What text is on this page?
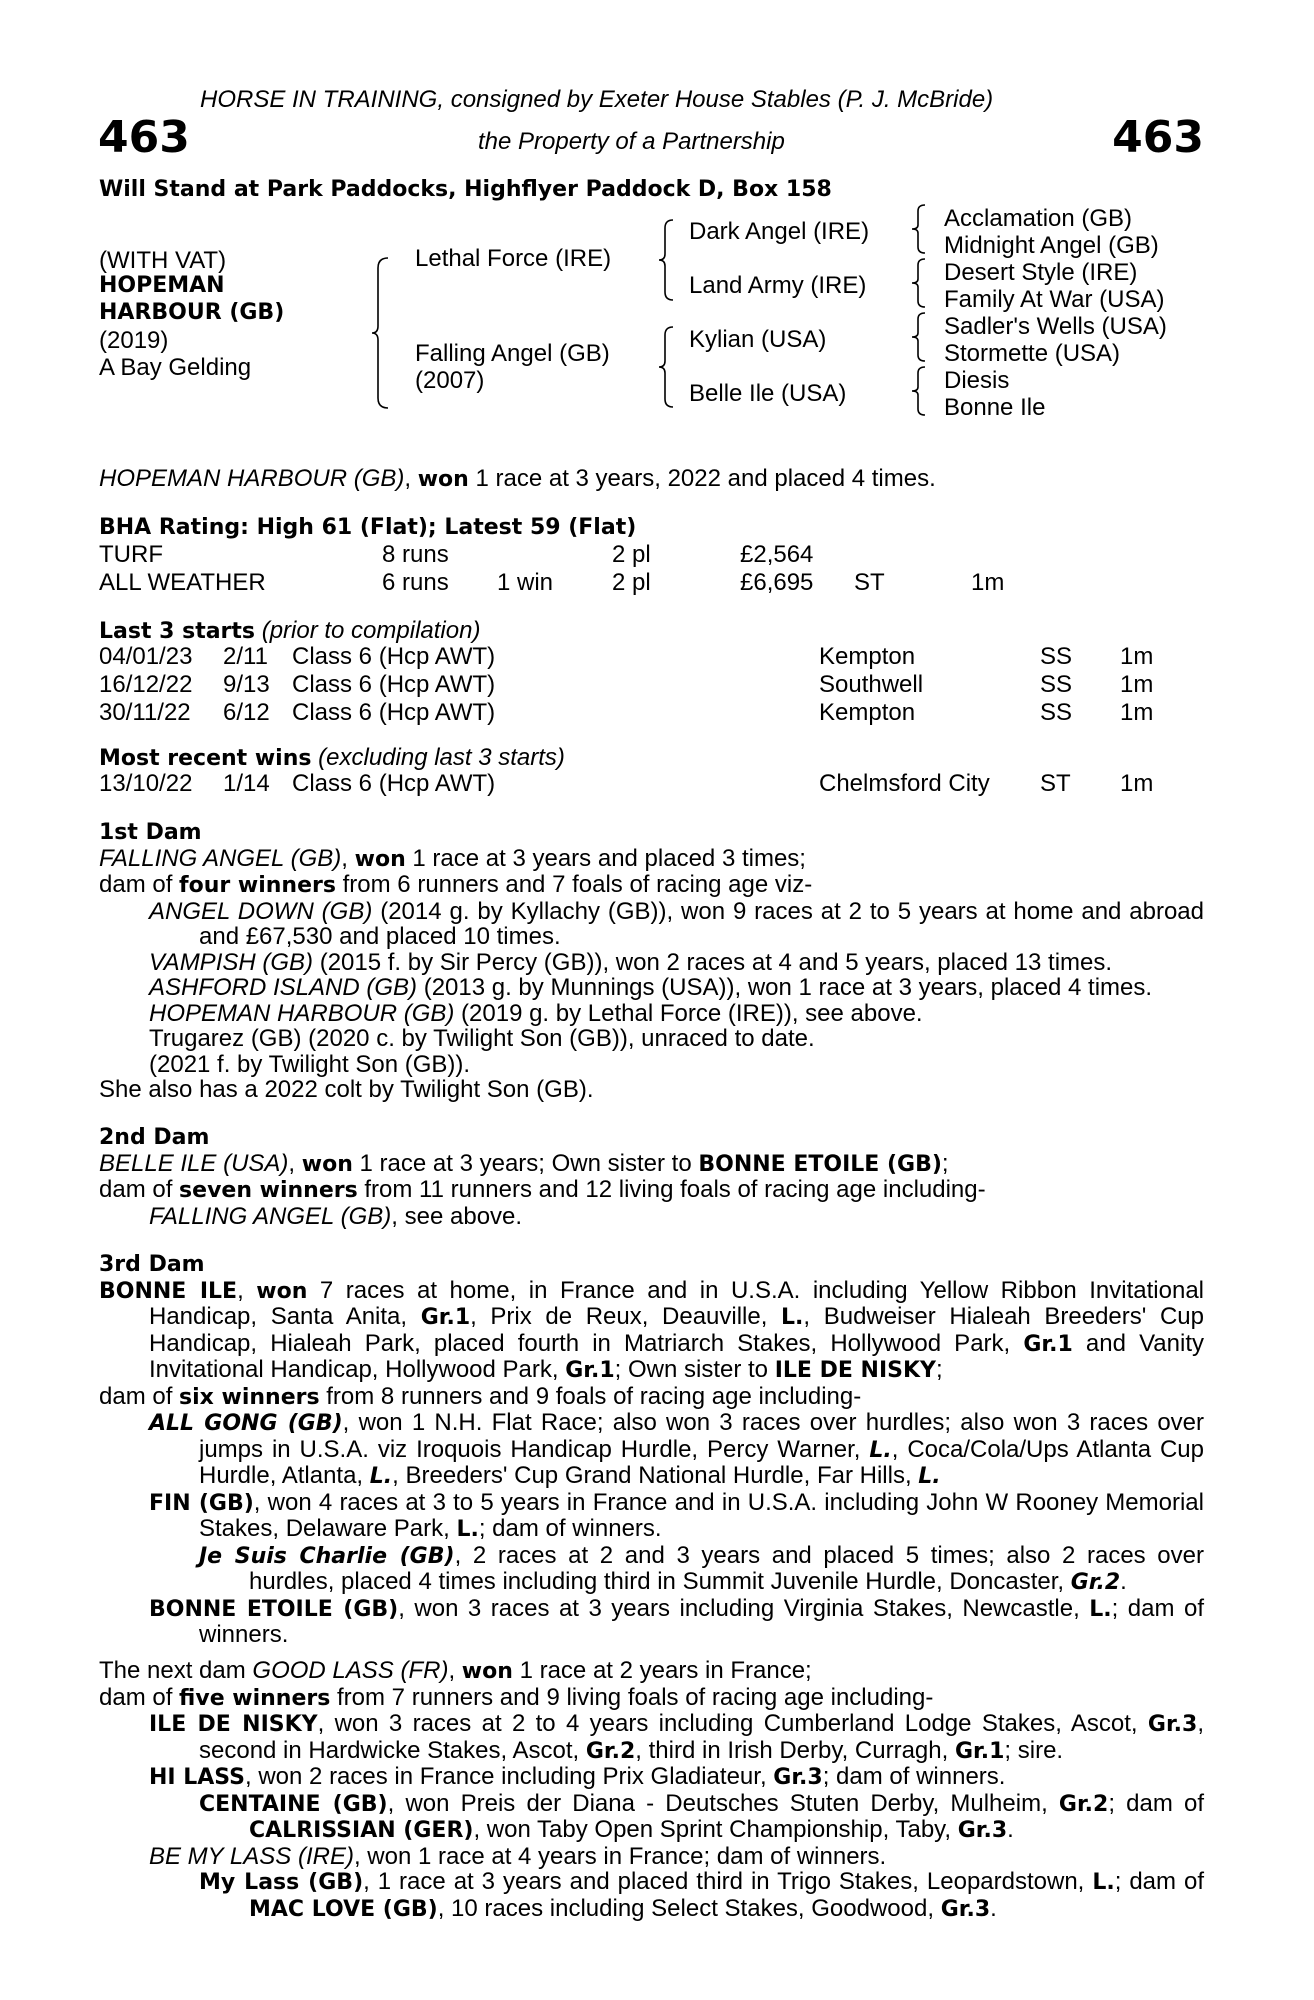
HORSE IN TRAINING, consigned by Exeter House Stables (P. J. McBride)
463	463
the Property of a Partnership
Will Stand at Park Paddocks, Highflyer Paddock D, Box 158
(WITH VAT)
HOPEMAN
HARBOUR (GB)
(2019)
A Bay Gelding
Lethal Force (IRE)
Falling Angel (GB)
(2007)
Dark Angel (IRE)
Land Army (IRE)
Kylian (USA)
Belle Ile (USA)
Acclamation (GB)
Midnight Angel (GB)
Desert Style (IRE)
Family At War (USA)
Sadler's Wells (USA)
Stormette (USA)
Diesis
Bonne Ile
HOPEMAN HARBOUR (GB), won 1 race at 3 years, 2022 and placed 4 times.
BHA Rating: High 61 (Flat); Latest 59 (Flat)
TURF	8 runs		2 pl	£2,564		
ALL WEATHER	6 runs	1 win	2 pl	£6,695	ST	1m
Last 3 starts (prior to compilation)
04/01/23	2/11	Class 6 (Hcp AWT)	Kempton	SS	1m
16/12/22	9/13	Class 6 (Hcp AWT)	Southwell	SS	1m
30/11/22	6/12	Class 6 (Hcp AWT)	Kempton	SS	1m
Most recent wins (excluding last 3 starts)
13/10/22	1/14	Class 6 (Hcp AWT)	Chelmsford City	ST	1m
1st Dam
FALLING ANGEL (GB), won 1 race at 3 years and placed 3 times;
dam of four winners from 6 runners and 7 foals of racing age viz-
ANGEL DOWN (GB) (2014 g. by Kyllachy (GB)), won 9 races at 2 to 5 years at home and abroad and £67,530 and placed 10 times.
VAMPISH (GB) (2015 f. by Sir Percy (GB)), won 2 races at 4 and 5 years, placed 13 times.
ASHFORD ISLAND (GB) (2013 g. by Munnings (USA)), won 1 race at 3 years, placed 4 times.
HOPEMAN HARBOUR (GB) (2019 g. by Lethal Force (IRE)), see above.
Trugarez (GB) (2020 c. by Twilight Son (GB)), unraced to date.
(2021 f. by Twilight Son (GB)).
She also has a 2022 colt by Twilight Son (GB).
2nd Dam
BELLE ILE (USA), won 1 race at 3 years; Own sister to BONNE ETOILE (GB);
dam of seven winners from 11 runners and 12 living foals of racing age including-
FALLING ANGEL (GB), see above.
3rd Dam
BONNE ILE, won 7 races at home, in France and in U.S.A. including Yellow Ribbon Invitational Handicap, Santa Anita, Gr.1, Prix de Reux, Deauville, L., Budweiser Hialeah Breeders' Cup Handicap, Hialeah Park, placed fourth in Matriarch Stakes, Hollywood Park, Gr.1 and Vanity Invitational Handicap, Hollywood Park, Gr.1; Own sister to ILE DE NISKY;
dam of six winners from 8 runners and 9 foals of racing age including-
ALL GONG (GB), won 1 N.H. Flat Race; also won 3 races over hurdles; also won 3 races over jumps in U.S.A. viz Iroquois Handicap Hurdle, Percy Warner, L., Coca/Cola/Ups Atlanta Cup Hurdle, Atlanta, L., Breeders' Cup Grand National Hurdle, Far Hills, L.
FIN (GB), won 4 races at 3 to 5 years in France and in U.S.A. including John W Rooney Memorial Stakes, Delaware Park, L.; dam of winners.
Je Suis Charlie (GB), 2 races at 2 and 3 years and placed 5 times; also 2 races over hurdles, placed 4 times including third in Summit Juvenile Hurdle, Doncaster, Gr.2.
BONNE ETOILE (GB), won 3 races at 3 years including Virginia Stakes, Newcastle, L.; dam of winners.
The next dam GOOD LASS (FR), won 1 race at 2 years in France;
dam of five winners from 7 runners and 9 living foals of racing age including-
ILE DE NISKY, won 3 races at 2 to 4 years including Cumberland Lodge Stakes, Ascot, Gr.3, second in Hardwicke Stakes, Ascot, Gr.2, third in Irish Derby, Curragh, Gr.1; sire.
HI LASS, won 2 races in France including Prix Gladiateur, Gr.3; dam of winners.
CENTAINE (GB), won Preis der Diana - Deutsches Stuten Derby, Mulheim, Gr.2; dam of CALRISSIAN (GER), won Taby Open Sprint Championship, Taby, Gr.3.
BE MY LASS (IRE), won 1 race at 4 years in France; dam of winners.
My Lass (GB), 1 race at 3 years and placed third in Trigo Stakes, Leopardstown, L.; dam of MAC LOVE (GB), 10 races including Select Stakes, Goodwood, Gr.3.
